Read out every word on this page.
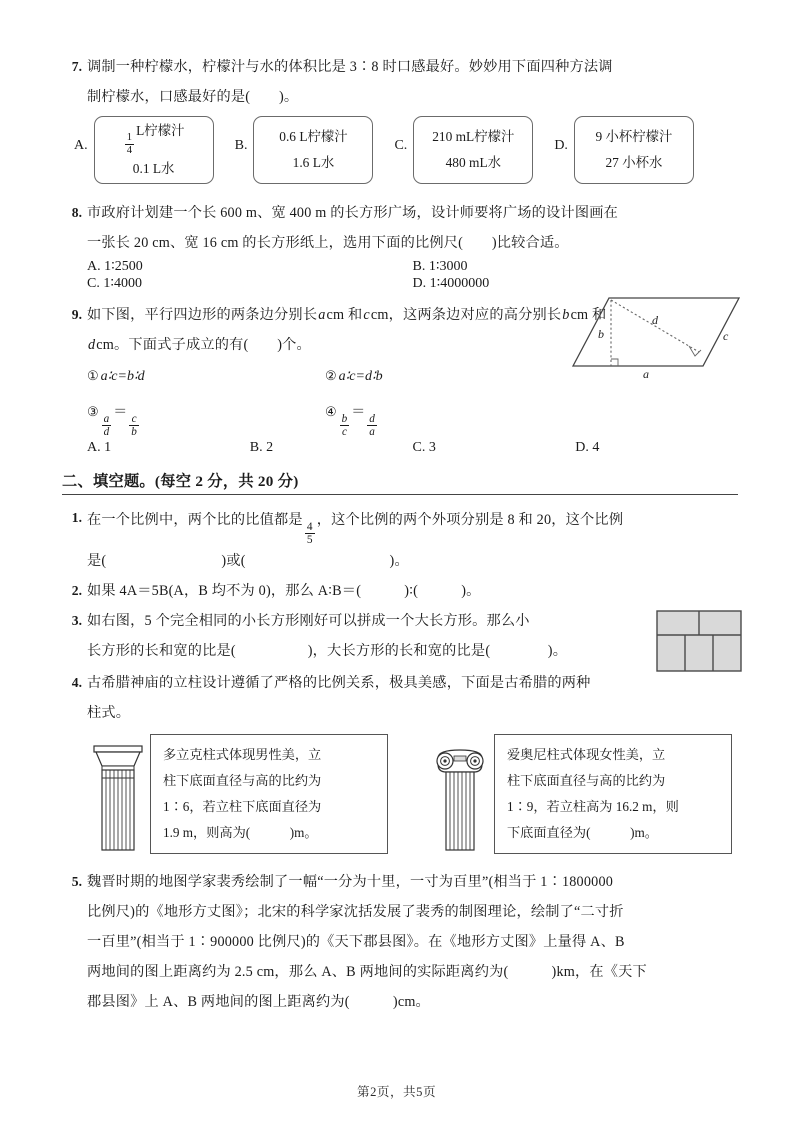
7. 调制一种柠檬水，柠檬汁与水的体积比是 3∶8 时口感最好。妙妙用下面四种方法调
制柠檬水，口感最好的是(　　)。
A.	$\frac{1}{4}$
L柠檬汁
0.1 L水
B.
0.6 L柠檬汁
1.6 L水
C.
210 mL柠檬汁
480 mL水
D.
9 小杯柠檬汁
27 小杯水
8. 市政府计划建一个长 600 m、宽 400 m 的长方形广场，设计师要将广场的设计图画在
一张长 20 cm、宽 16 cm 的长方形纸上，选用下面的比例尺(　　)比较合适。
A. 1∶2500	B. 1∶3000
C. 1∶4000	D. 1∶4000000
9. 如下图，平行四边形的两条边分别长acm 和ccm，这两条边对应的高分别长bcm 和
dcm。下面式子成立的有(　　)个。
① a∶c=b∶d	② a∶c=d∶b
③
$\frac{a}{d}$
＝
$\frac{c}{b}$
④
$\frac{b}{c}$
＝
$\frac{d}{a}$
A. 1	B. 2	C. 3	D. 4
b
d
c
a
二、填空题。(每空 2 分，共 20 分)
1. 在一个比例中，两个比的比值都是
$\frac{4}{5}$
，这个比例的两个外项分别是 8 和 20，这个比例
是(　　　　　　　　)或(　　　　　　　　　　)。
2. 如果 4A＝5B(A，B 均不为 0)，那么 A∶B＝(　　　)∶(　　　)。
3. 如右图，5 个完全相同的小长方形刚好可以拼成一个大长方形。那么小
长方形的长和宽的比是(　　　　　)，大长方形的长和宽的比是(　　　　)。
4. 古希腊神庙的立柱设计遵循了严格的比例关系，极具美感，下面是古希腊的两种
柱式。
多立克柱式体现男性美，立
柱下底面直径与高的比约为
1∶6，若立柱下底面直径为
1.9 m，则高为(　　　)m。
爱奥尼柱式体现女性美，立
柱下底面直径与高的比约为
1∶9，若立柱高为 16.2 m，则
下底面直径为(　　　)m。
5. 魏晋时期的地图学家裴秀绘制了一幅“一分为十里，一寸为百里”(相当于 1∶1800000
比例尺)的《地形方丈图》；北宋的科学家沈括发展了裴秀的制图理论，绘制了“二寸折
一百里”(相当于 1∶900000 比例尺)的《天下郡县图》。在《地形方丈图》上量得 A、B
两地间的图上距离约为 2.5 cm，那么 A、B 两地间的实际距离约为(　　　)km，在《天下
郡县图》上 A、B 两地间的图上距离约为(　　　)cm。
第2页，共5页
